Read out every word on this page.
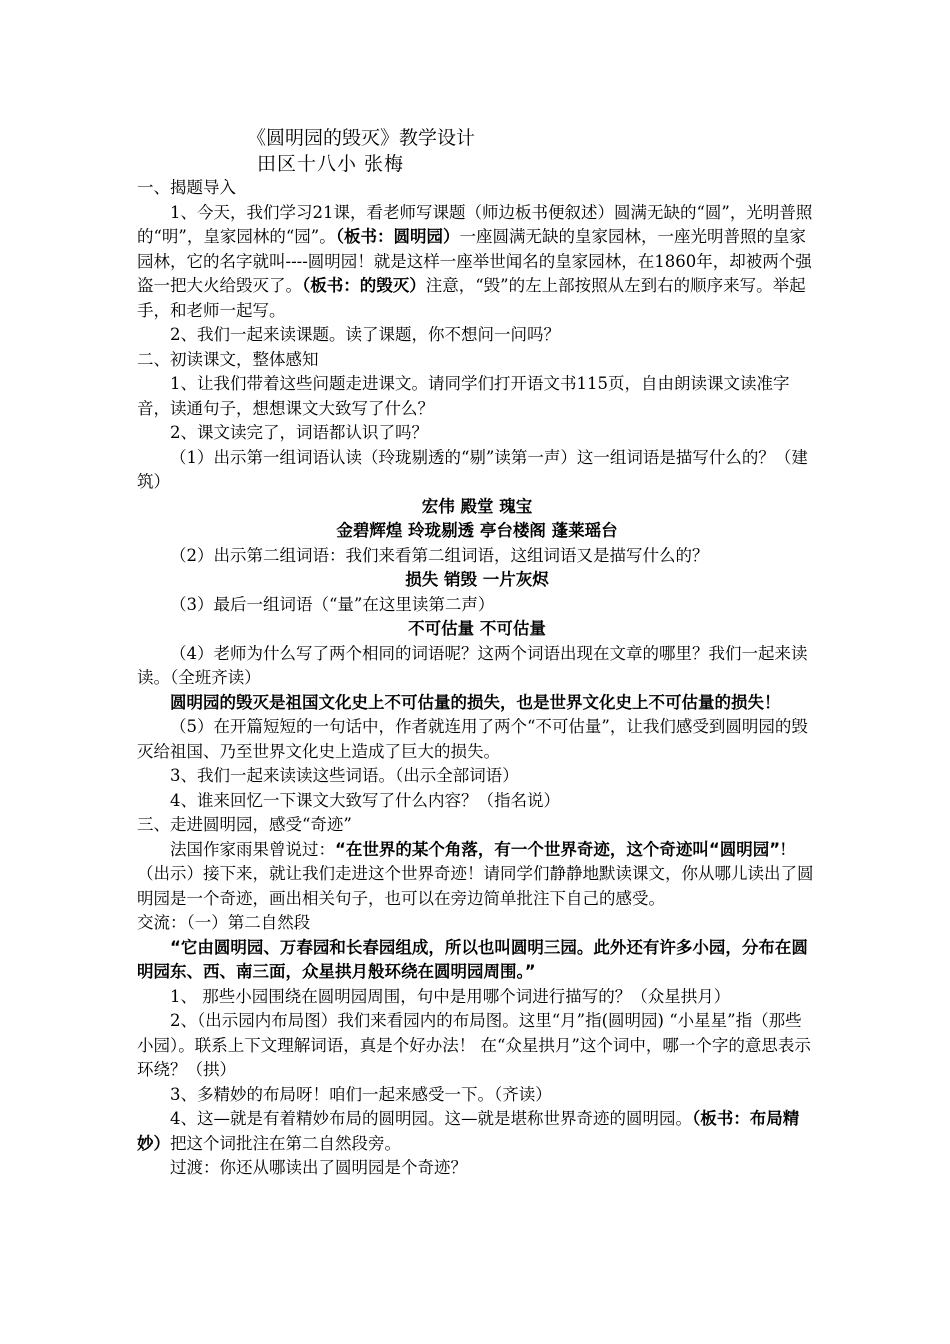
《圆明园的毁灭》教学设计
田区十八小 张梅

一、揭题导入

1、今天，我们学习21课，看老师写课题（师边板书便叙述）圆满无缺的“圆”，光明普照的“明”，皇家园林的“园”。（板书：圆明园）一座圆满无缺的皇家园林，一座光明普照的皇家园林，它的名字就叫----圆明园！就是这样一座举世闻名的皇家园林，在1860年，却被两个强盗一把大火给毁灭了。（板书：的毁灭）注意，“毁”的左上部按照从左到右的顺序来写。举起手，和老师一起写。

2、我们一起来读课题。读了课题，你不想问一问吗？

二、初读课文，整体感知

1、让我们带着这些问题走进课文。请同学们打开语文书115页，自由朗读课文读准字音，读通句子，想想课文大致写了什么？

2、课文读完了，词语都认识了吗？

（1）出示第一组词语认读（玲珑剔透的“剔”读第一声）这一组词语是描写什么的？（建筑）

宏伟 殿堂 瑰宝

金碧辉煌 玲珑剔透 亭台楼阁 蓬莱瑶台

（2）出示第二组词语：我们来看第二组词语，这组词语又是描写什么的？

损失 销毁 一片灰烬

（3）最后一组词语（“量”在这里读第二声）

不可估量 不可估量

（4）老师为什么写了两个相同的词语呢？这两个词语出现在文章的哪里？我们一起来读读。（全班齐读）

圆明园的毁灭是祖国文化史上不可估量的损失，也是世界文化史上不可估量的损失！

（5）在开篇短短的一句话中，作者就连用了两个“不可估量”，让我们感受到圆明园的毁灭给祖国、乃至世界文化史上造成了巨大的损失。

3、我们一起来读读这些词语。（出示全部词语）

4、谁来回忆一下课文大致写了什么内容？（指名说）

三、走进圆明园，感受“奇迹”

法国作家雨果曾说过：“在世界的某个角落，有一个世界奇迹，这个奇迹叫“圆明园”!（出示）接下来，就让我们走进这个世界奇迹！请同学们静静地默读课文，你从哪儿读出了圆明园是一个奇迹，画出相关句子，也可以在旁边简单批注下自己的感受。

交流：（一）第二自然段

“它由圆明园、万春园和长春园组成，所以也叫圆明三园。此外还有许多小园，分布在圆明园东、西、南三面，众星拱月般环绕在圆明园周围。”

1、 那些小园围绕在圆明园周围，句中是用哪个词进行描写的？（众星拱月）

2、（出示园内布局图）我们来看园内的布局图。这里“月”指(圆明园) “小星星”指（那些小园）。联系上下文理解词语，真是个好办法！ 在“众星拱月”这个词中，哪一个字的意思表示环绕？（拱）

3、多精妙的布局呀！咱们一起来感受一下。（齐读）

4、这—就是有着精妙布局的圆明园。这—就是堪称世界奇迹的圆明园。（板书：布局精妙）把这个词批注在第二自然段旁。

过渡：你还从哪读出了圆明园是个奇迹？
